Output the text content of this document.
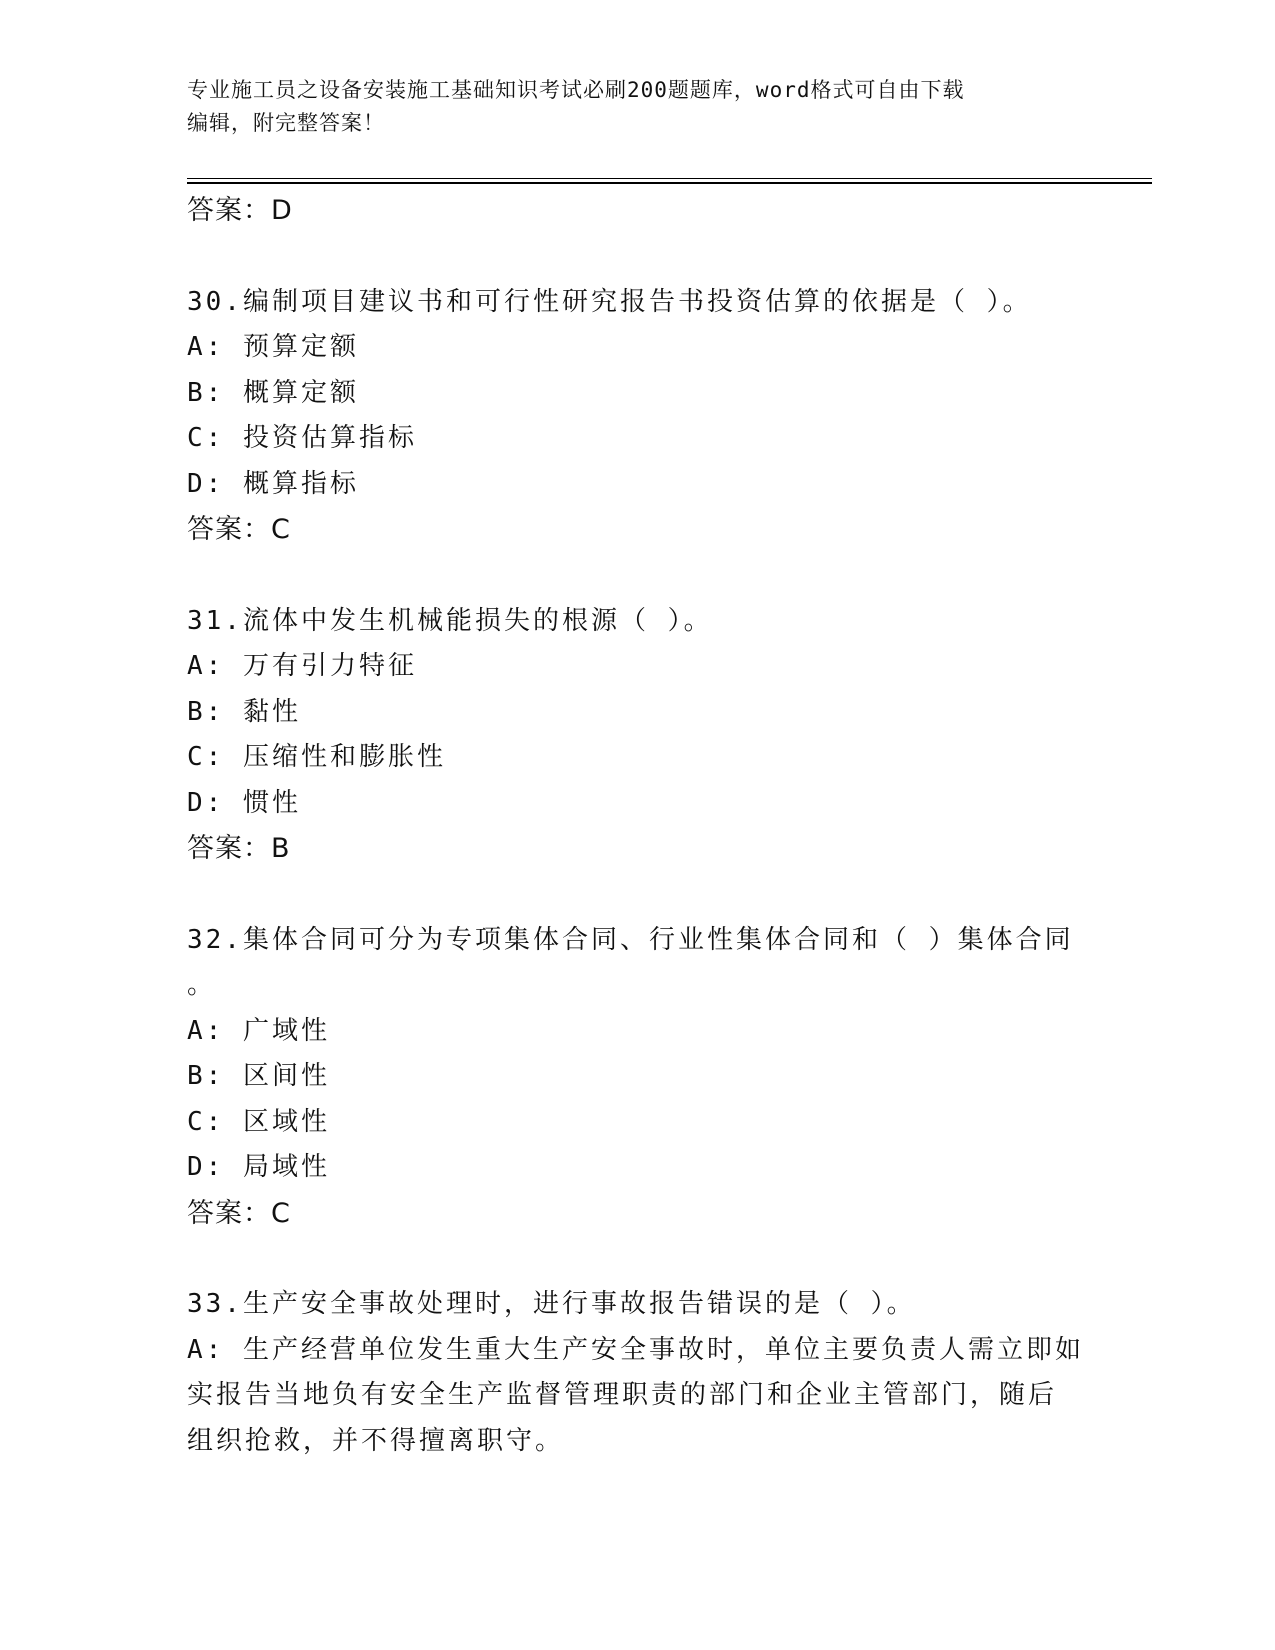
专业施工员之设备安装施工基础知识考试必刷200题题库，word格式可自由下载
编辑，附完整答案！
答案：D
30.编制项目建议书和可行性研究报告书投资估算的依据是（ ）。
A: 预算定额
B: 概算定额
C: 投资估算指标
D: 概算指标
答案：C
31.流体中发生机械能损失的根源（ ）。
A: 万有引力特征
B: 黏性
C: 压缩性和膨胀性
D: 惯性
答案：B
32.集体合同可分为专项集体合同、行业性集体合同和（ ）集体合同
。
A: 广域性
B: 区间性
C: 区域性
D: 局域性
答案：C
33.生产安全事故处理时，进行事故报告错误的是（ ）。
A: 生产经营单位发生重大生产安全事故时，单位主要负责人需立即如
实报告当地负有安全生产监督管理职责的部门和企业主管部门，随后
组织抢救，并不得擅离职守。
